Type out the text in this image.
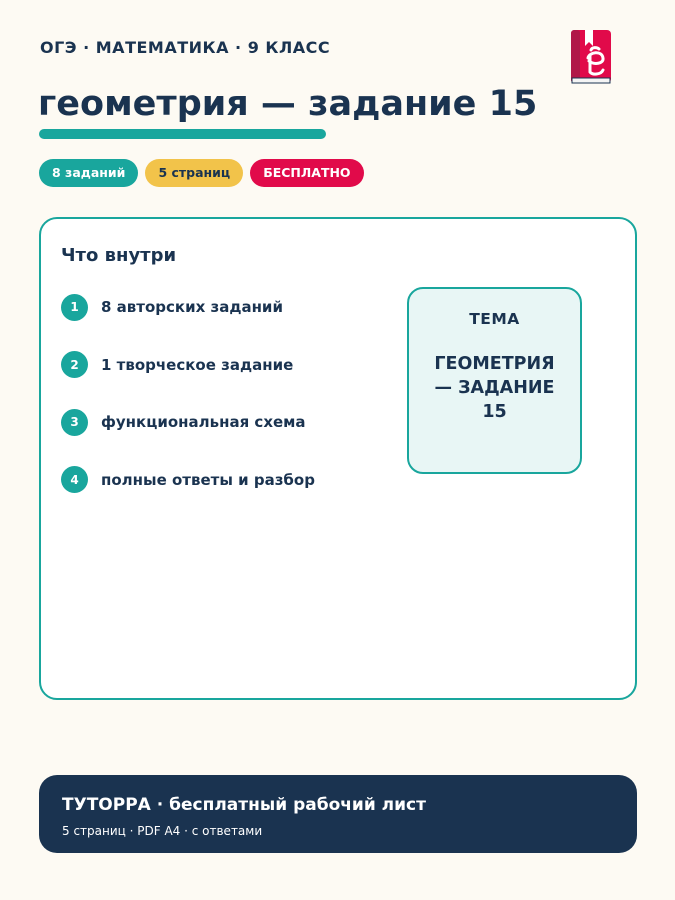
ОГЭ · МАТЕМАТИКА · 9 КЛАСС
геометрия — задание 15
8 заданий	5 страниц	БЕСПЛАТНО
Что внутри
1	8 авторских заданий
2	1 творческое задание
3	функциональная схема
4	полные ответы и разбор
ТЕМА
ГЕОМЕТРИЯ — ЗАДАНИЕ 15
ТУТОРРА · бесплатный рабочий лист
5 страниц · PDF A4 · с ответами
